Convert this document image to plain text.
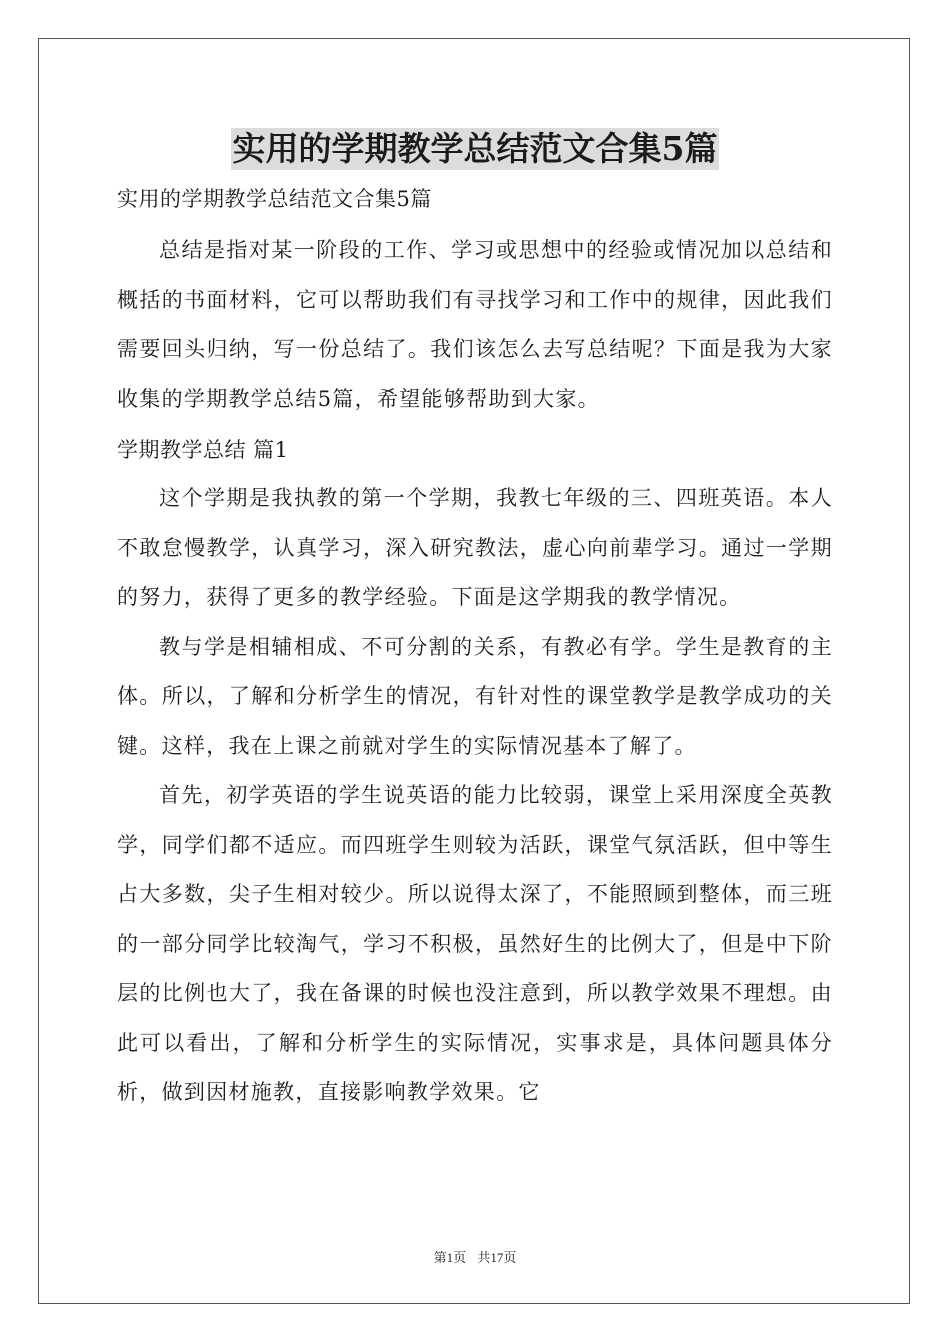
实用的学期教学总结范文合集5篇

实用的学期教学总结范文合集5篇

总结是指对某一阶段的工作、学习或思想中的经验或情况加以总结和概括的书面材料，它可以帮助我们有寻找学习和工作中的规律，因此我们需要回头归纳，写一份总结了。我们该怎么去写总结呢？下面是我为大家收集的学期教学总结5篇，希望能够帮助到大家。

学期教学总结 篇1

这个学期是我执教的第一个学期，我教七年级的三、四班英语。本人不敢怠慢教学，认真学习，深入研究教法，虚心向前辈学习。通过一学期的努力，获得了更多的教学经验。下面是这学期我的教学情况。

教与学是相辅相成、不可分割的关系，有教必有学。学生是教育的主体。所以，了解和分析学生的情况，有针对性的课堂教学是教学成功的关键。这样，我在上课之前就对学生的实际情况基本了解了。

首先，初学英语的学生说英语的能力比较弱，课堂上采用深度全英教学，同学们都不适应。而四班学生则较为活跃，课堂气氛活跃，但中等生占大多数，尖子生相对较少。所以说得太深了，不能照顾到整体，而三班的一部分同学比较淘气，学习不积极，虽然好生的比例大了，但是中下阶层的比例也大了，我在备课的时候也没注意到，所以教学效果不理想。由此可以看出，了解和分析学生的实际情况，实事求是，具体问题具体分析，做到因材施教，直接影响教学效果。它

第1页 共17页
